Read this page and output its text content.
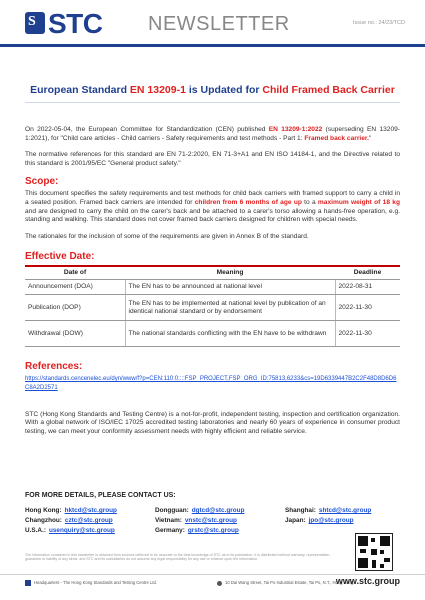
S STC NEWSLETTER	Issue no.: 24/23/TCD
European Standard EN 13209-1 is Updated for Child Framed Back Carrier

On 2022-05-04, the European Committee for Standardization (CEN) published EN 13209-1:2022 (superseding EN 13209-1:2021), for "Child care articles - Child carriers - Safety requirements and test methods - Part 1: Framed back carrier."

The normative references for this standard are EN 71-2:2020, EN 71-3+A1 and EN ISO 14184-1, and the Directive related to this standard is 2001/95/EC "General product safety."

Scope:

This document specifies the safety requirements and test methods for child back carriers with framed support to carry a child in a seated position. Framed back carriers are intended for children from 6 months of age up to a maximum weight of 18 kg and are designed to carry the child on the carer's back and be attached to a carer's torso allowing a hands-free operation, e.g. standing and walking. This standard does not cover framed back carriers designed for children with special needs.

The rationales for the inclusion of some of the requirements are given in Annex B of the standard.

Effective Date:
Date of	Meaning	Deadline
Announcement (DOA)	The EN has to be announced at national level	2022-08-31
Publication (DOP)	The EN has to be implemented at national level by publication of an identical national standard or by endorsement	2022-11-30
Withdrawal (DOW)	The national standards conflicting with the EN have to be withdrawn	2022-11-30
References:
https://standards.cencenelec.eu/dyn/www/f?p=CEN:110:0::::FSP_PROJECT,FSP_ORG_ID:75813,6233&cs=19D6339447B2C2F48D8D6D6C8A2D2571

STC (Hong Kong Standards and Testing Centre) is a not-for-profit, independent testing, inspection and certification organization. With a global network of ISO/IEC 17025 accredited testing laboratories and nearly 60 years of experience in consumer product testing, we can meet your conformity assessment needs with highly efficient and reliable service.

FOR MORE DETAILS, PLEASE CONTACT US:
Hong Kong: hktcd@stc.group	Dongguan: dgtcd@stc.group	Shanghai: shtcd@stc.group
Changzhou: cztc@stc.group	Vietnam: vnstc@stc.group	Japan: jpo@stc.group
U.S.A.: usenquiry@stc.group	Germany: grstc@stc.group
The information contained in this newsletter is obtained from sources believed to be accurate to the best knowledge of STC as to its publication. It is distributed without warranty, representation, guarantee or liability of any kinds, and STC and its subsidiaries do not assume any legal responsibility for any use or reliance upon the information.
Headquarters - The Hong Kong Standards and Testing Centre Ltd.	10 Dai Wang Street, Tai Po Industrial Estate, Tai Po, N.T., Hong Kong
www.stc.group
